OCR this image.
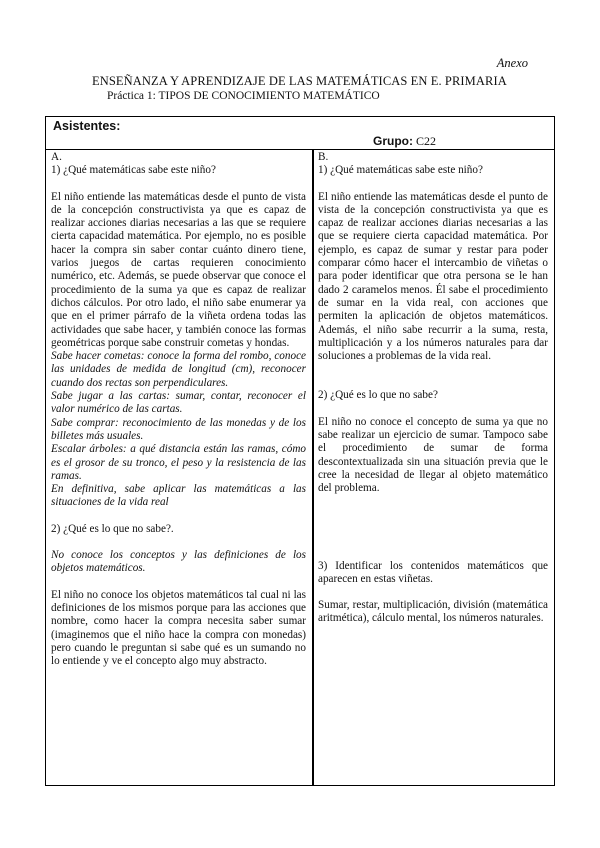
Anexo
ENSEÑANZA Y APRENDIZAJE DE LAS MATEMÁTICAS EN E. PRIMARIA
Práctica 1: TIPOS DE CONOCIMIENTO MATEMÁTICO
Asistentes:
Grupo: C22

A.

1) ¿Qué matemáticas sabe este niño?

El niño entiende las matemáticas desde el punto de vista de la concepción constructivista ya que es capaz de realizar acciones diarias necesarias a las que se requiere cierta capacidad matemática. Por ejemplo, no es posible hacer la compra sin saber contar cuánto dinero tiene, varios juegos de cartas requieren conocimiento numérico, etc. Además, se puede observar que conoce el procedimiento de la suma ya que es capaz de realizar dichos cálculos. Por otro lado, el niño sabe enumerar ya que en el primer párrafo de la viñeta ordena todas las actividades que sabe hacer, y también conoce las formas geométricas porque sabe construir cometas y hondas.

Sabe hacer cometas: conoce la forma del rombo, conoce las unidades de medida de longitud (cm), reconocer cuando dos rectas son perpendiculares.

Sabe jugar a las cartas: sumar, contar, reconocer el valor numérico de las cartas.

Sabe comprar: reconocimiento de las monedas y de los billetes más usuales.

Escalar árboles: a qué distancia están las ramas, cómo es el grosor de su tronco, el peso y la resistencia de las ramas.

En definitiva, sabe aplicar las matemáticas a las situaciones de la vida real

2) ¿Qué es lo que no sabe?.

No conoce los conceptos y las definiciones de los objetos matemáticos.

El niño no conoce los objetos matemáticos tal cual ni las definiciones de los mismos porque para las acciones que nombre, como hacer la compra necesita saber sumar (imaginemos que el niño hace la compra con monedas) pero cuando le preguntan si sabe qué es un sumando no lo entiende y ve el concepto algo muy abstracto.

B.

1) ¿Qué matemáticas sabe este niño?

El niño entiende las matemáticas desde el punto de vista de la concepción constructivista ya que es capaz de realizar acciones diarias necesarias a las que se requiere cierta capacidad matemática. Por ejemplo, es capaz de sumar y restar para poder comparar cómo hacer el intercambio de viñetas o para poder identificar que otra persona se le han dado 2 caramelos menos. Él sabe el procedimiento de sumar en la vida real, con acciones que permiten la aplicación de objetos matemáticos. Además, el niño sabe recurrir a la suma, resta, multiplicación y a los números naturales para dar soluciones a problemas de la vida real.

2) ¿Qué es lo que no sabe?

El niño no conoce el concepto de suma ya que no sabe realizar un ejercicio de sumar. Tampoco sabe el procedimiento de sumar de forma descontextualizada sin una situación previa que le cree la necesidad de llegar al objeto matemático del problema.

3) Identificar los contenidos matemáticos que aparecen en estas viñetas.

Sumar, restar, multiplicación, división (matemática aritmética), cálculo mental, los números naturales.
